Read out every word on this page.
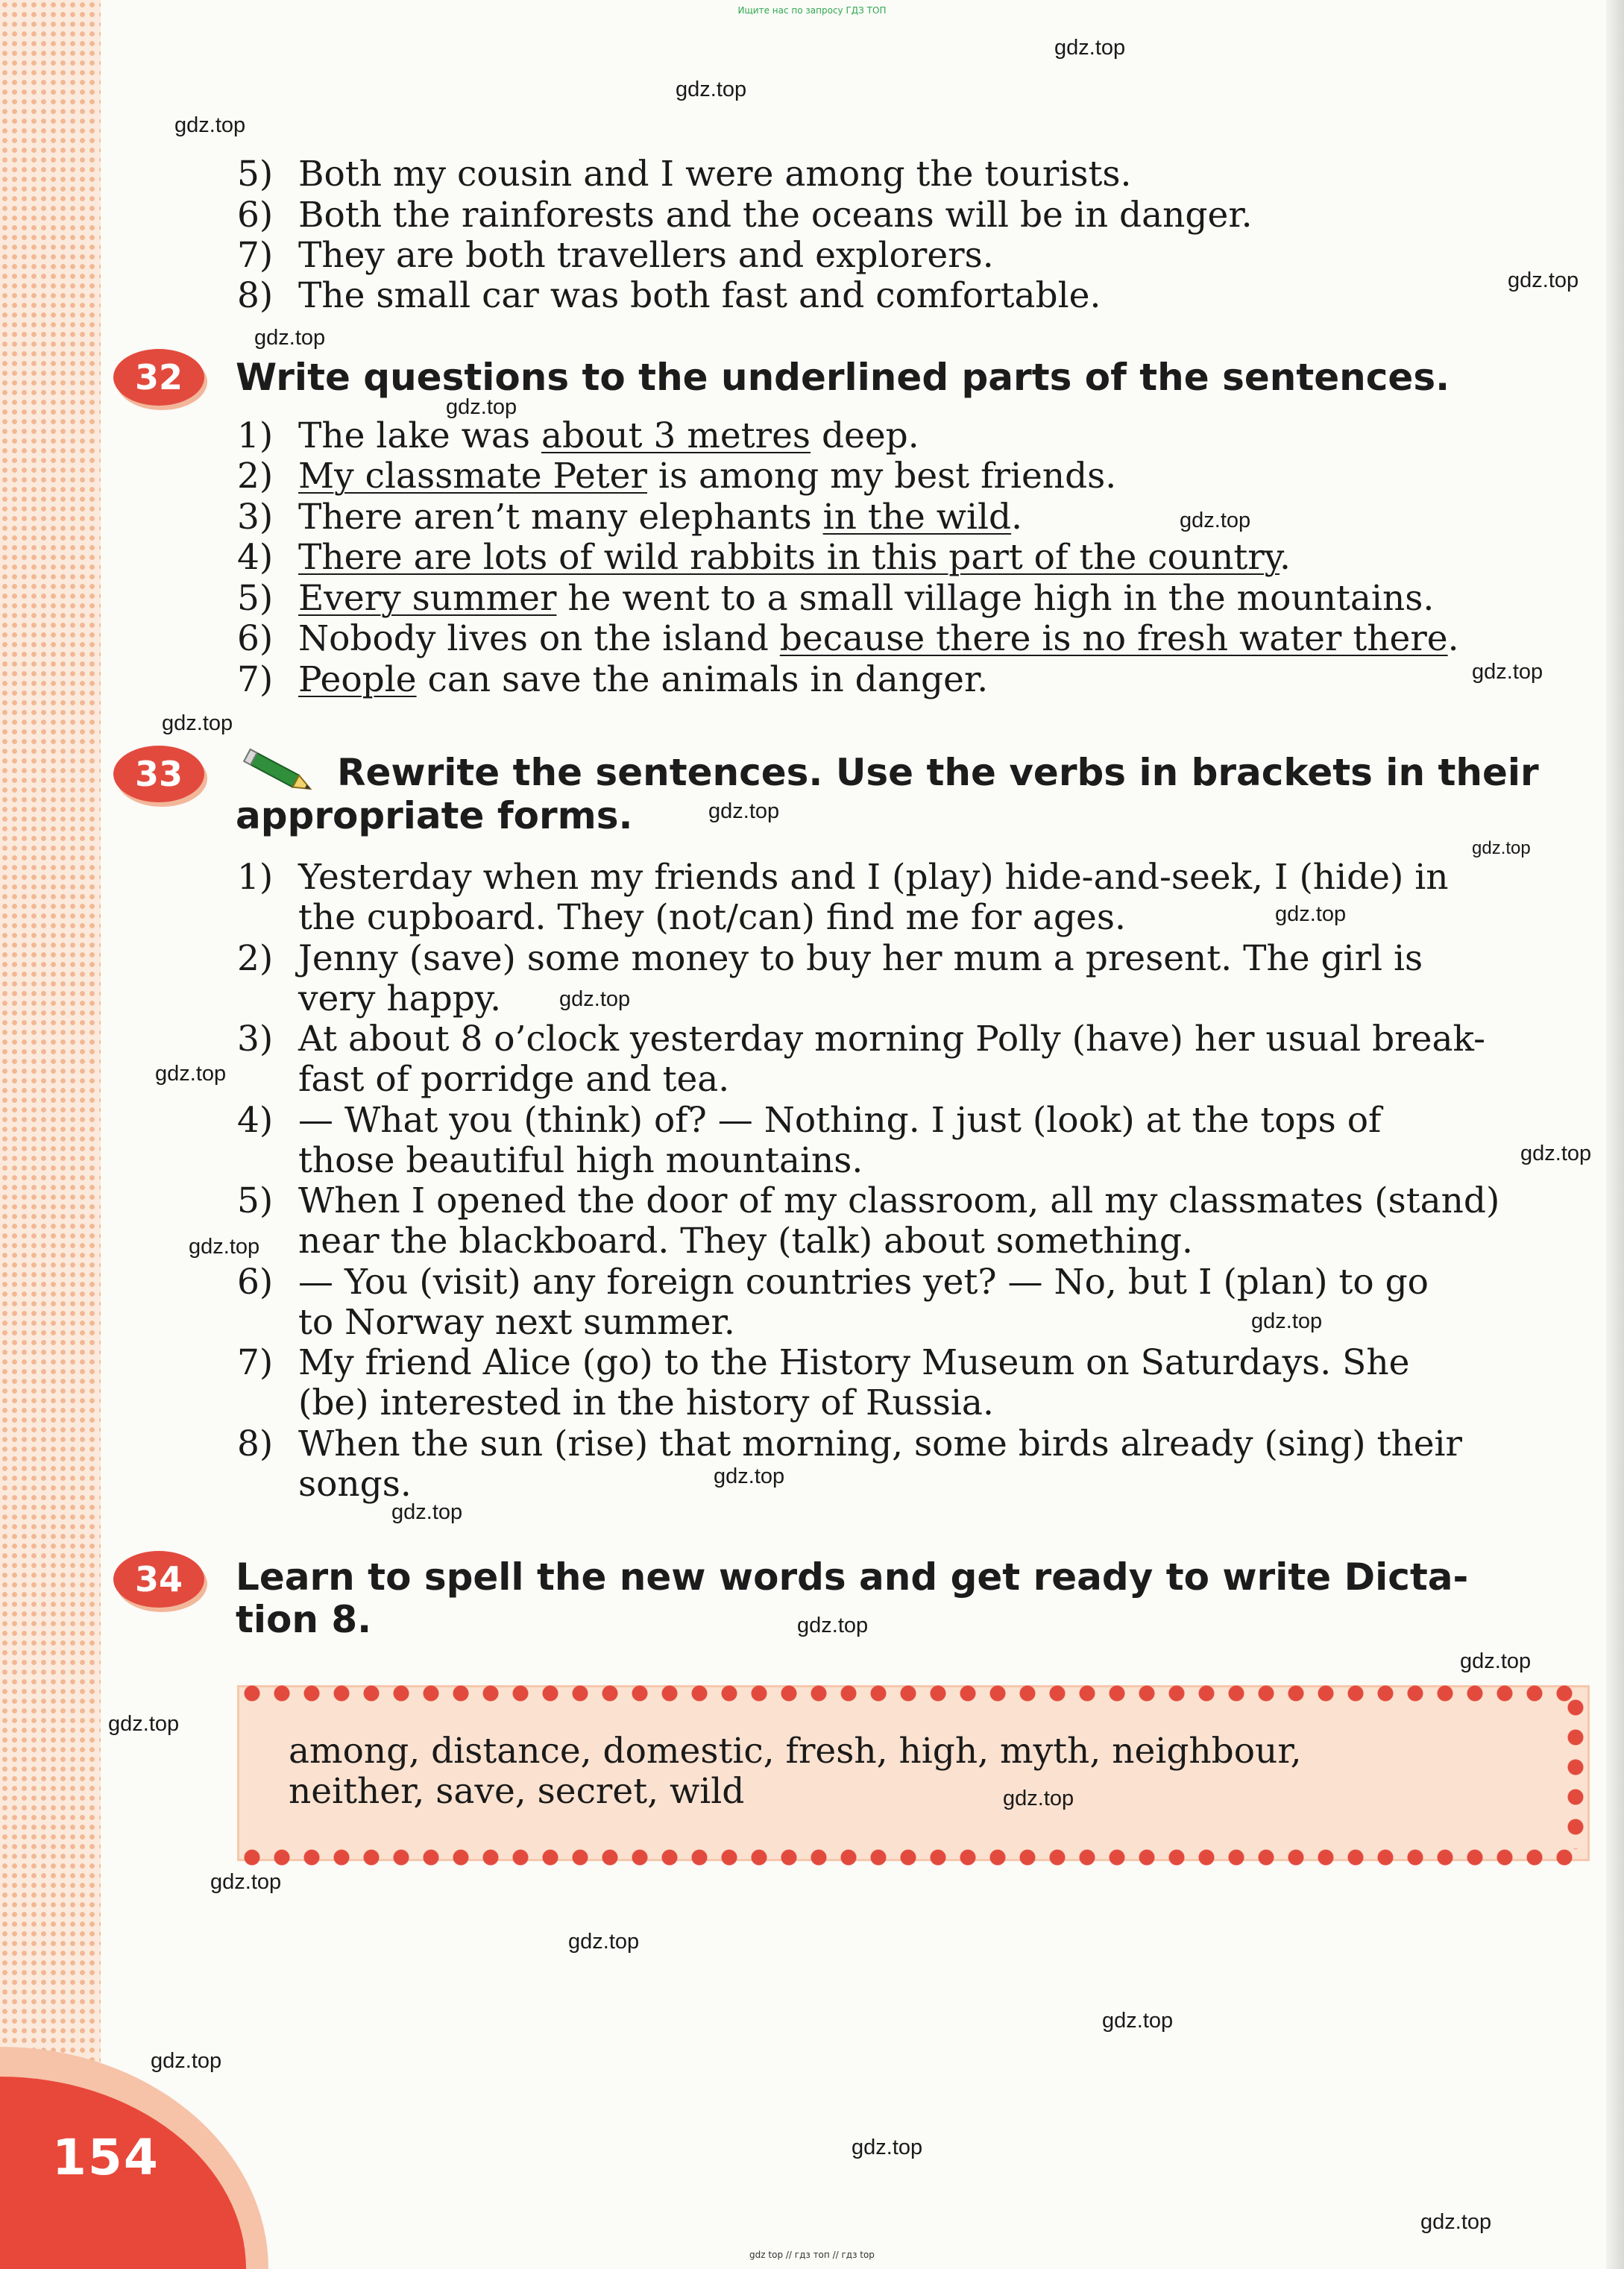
154
Ищите нас по запросу ГДЗ ТОП
gdz top // гдз топ // гдз top
5) Both my cousin and I were among the tourists.
6) Both the rainforests and the oceans will be in danger.
7) They are both travellers and explorers.
8) The small car was both fast and comfortable.
32	Write questions to the underlined parts of the sentences.
1) The lake was about 3 metres deep.
2) My classmate Peter is among my best friends.
3) There aren’t many elephants in the wild.
4) There are lots of wild rabbits in this part of the country.
5) Every summer he went to a small village high in the mountains.
6) Nobody lives on the island because there is no fresh water there.
7) People can save the animals in danger.
33	Rewrite the sentences. Use the verbs in brackets in their
appropriate forms.
1) Yesterday when my friends and I (play) hide-and-seek, I (hide) in
the cupboard. They (not/can) find me for ages.
2) Jenny (save) some money to buy her mum a present. The girl is
very happy.
3) At about 8 o’clock yesterday morning Polly (have) her usual break-
fast of porridge and tea.
4) — What you (think) of? — Nothing. I just (look) at the tops of
those beautiful high mountains.
5) When I opened the door of my classroom, all my classmates (stand)
near the blackboard. They (talk) about something.
6) — You (visit) any foreign countries yet? — No, but I (plan) to go
to Norway next summer.
7) My friend Alice (go) to the History Museum on Saturdays. She
(be) interested in the history of Russia.
8) When the sun (rise) that morning, some birds already (sing) their
songs.
34	Learn to spell the new words and get ready to write Dicta-
tion 8.
among, distance, domestic, fresh, high, myth, neighbour,
neither, save, secret, wild
gdz.top
gdz.top
gdz.top
gdz.top
gdz.top
gdz.top
gdz.top
gdz.top
gdz.top
gdz.top
gdz.top
gdz.top
gdz.top
gdz.top
gdz.top
gdz.top
gdz.top
gdz.top
gdz.top
gdz.top
gdz.top
gdz.top
gdz.top
gdz.top
gdz.top
gdz.top
gdz.top
gdz.top
gdz.top
